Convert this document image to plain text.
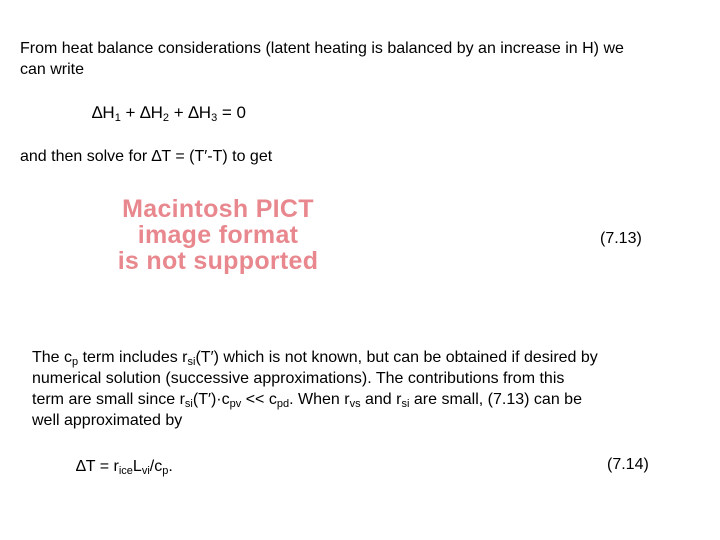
From heat balance considerations (latent heating is balanced by an increase in H) we
can write

$\Delta H_1 + \Delta H_2 + \Delta H_3 = 0$

and then solve for ∆T = (T′-T) to get

Macintosh PICT
image format
is not supported
(7.13)

The $c_p$ term includes $r_{si}(T')$ which is not known, but can be obtained if desired by
numerical solution (successive approximations). The contributions from this
term are small since $r_{si}(T')\cdot c_{pv} << c_{pd}$. When $r_{vs}$ and $r_{si}$ are small, (7.13) can be
well approximated by

$\Delta T = r_{ice}L_{vi}/c_p$.	(7.14)
